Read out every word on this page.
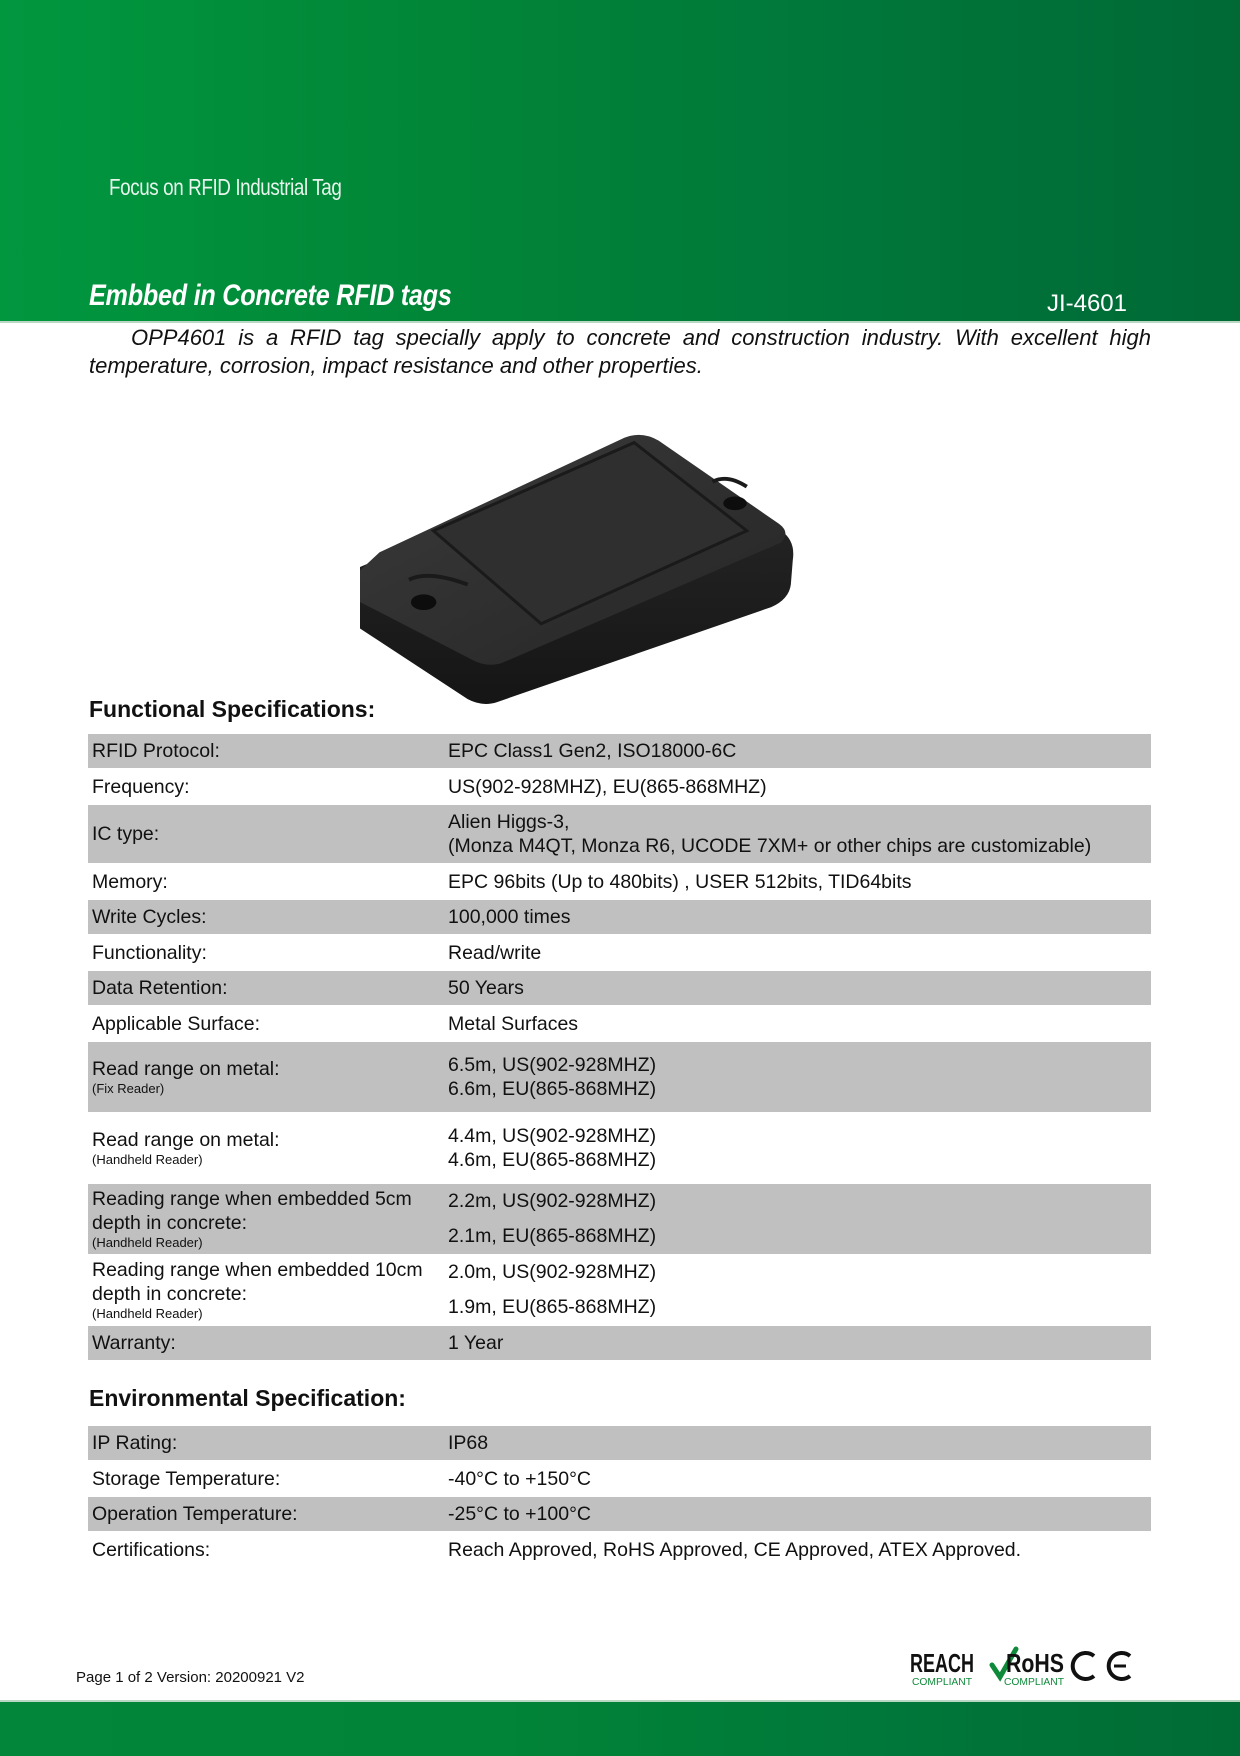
Focus on RFID Industrial Tag
Embbed in Concrete RFID tags	JI-4601
OPP4601 is a RFID tag specially apply to concrete and construction industry. With excellent high temperature, corrosion, impact resistance and other properties.
Functional Specifications:
RFID Protocol:	EPC Class1 Gen2, ISO18000-6C
Frequency:	US(902-928MHZ), EU(865-868MHZ)
IC type:
Alien Higgs-3,
(Monza M4QT, Monza R6, UCODE 7XM+ or other chips are customizable)
Memory:	EPC 96bits (Up to 480bits) , USER 512bits, TID64bits
Write Cycles:	100,000 times
Functionality:	Read/write
Data Retention:	50 Years
Applicable Surface:	Metal Surfaces
Read range on metal:
(Fix Reader)
6.5m, US(902-928MHZ)
6.6m, EU(865-868MHZ)
Read range on metal:
(Handheld Reader)
4.4m, US(902-928MHZ)
4.6m, EU(865-868MHZ)
Reading range when embedded 5cm depth in concrete:
(Handheld Reader)
2.2m, US(902-928MHZ)
2.1m, EU(865-868MHZ)
Reading range when embedded 10cm depth in concrete:
(Handheld Reader)
2.0m, US(902-928MHZ)
1.9m, EU(865-868MHZ)
Warranty:	1 Year
Environmental Specification:
IP Rating:	IP68
Storage Temperature:	-40°C to +150°C
Operation Temperature:	-25°C to +100°C
Certifications:	Reach Approved, RoHS Approved, CE Approved, ATEX Approved.
Page 1 of 2 Version: 20200921 V2	REACH
COMPLIANT
RoHS
COMPLIANT
